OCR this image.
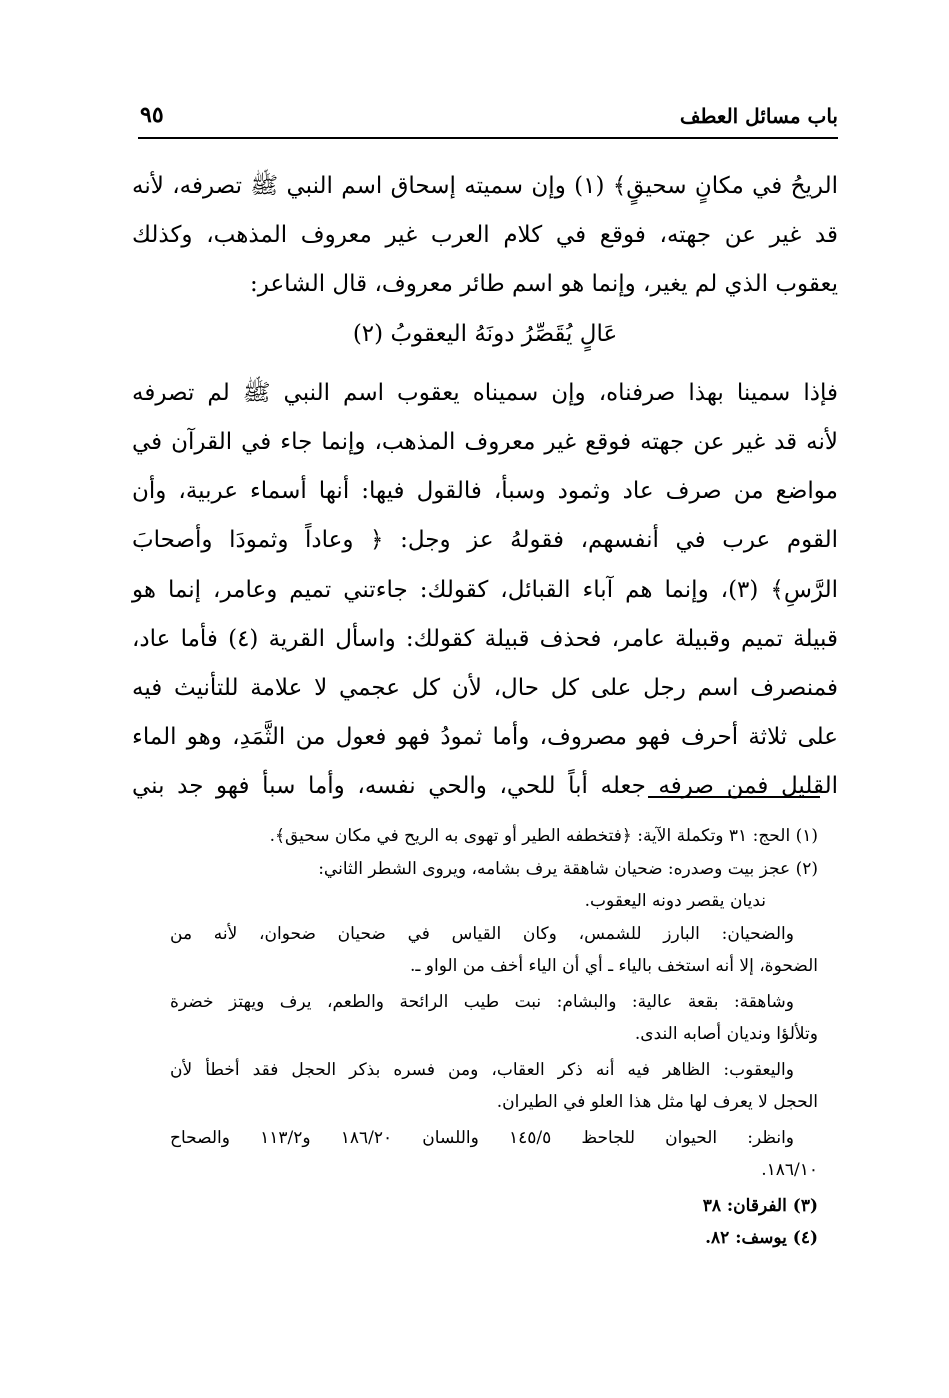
باب مسائل العطف
٩٥
الريحُ في مكانٍ سحيقٍ﴾ (١) وإن سميته إسحاق اسم النبي ﷺ تصرفه، لأنه
قد غير عن جهته، فوقع في كلام العرب غير معروف المذهب، وكذلك
يعقوب الذي لم يغير، وإنما هو اسم طائر معروف، قال الشاعر:
عَالٍ يُقَصِّرُ دونَهُ اليعقوبُ (٢)
فإذا سمينا بهذا صرفناه، وإن سميناه يعقوب اسم النبي ﷺ لم تصرفه
لأنه قد غير عن جهته فوقع غير معروف المذهب، وإنما جاء في القرآن في
مواضع من صرف عاد وثمود وسبأ، فالقول فيها: أنها أسماء عربية، وأن
القوم عرب في أنفسهم، فقولهُ عز وجل: ﴿ وعاداً وثمودَا وأصحابَ
الرَّسِ﴾ (٣)، وإنما هم آباء القبائل، كقولك: جاءتني تميم وعامر، إنما هو
قبيلة تميم وقبيلة عامر، فحذف قبيلة كقولك: واسأل القرية (٤) فأما عاد،
فمنصرف اسم رجل على كل حال، لأن كل عجمي لا علامة للتأنيث فيه
على ثلاثة أحرف فهو مصروف، وأما ثمودُ فهو فعول من الثَّمَدِ، وهو الماء
القليل فمن صرفه جعله أباً للحي، والحي نفسه، وأما سبأ فهو جد بني
(١) الحج: ٣١ وتكملة الآية: ﴿فتخطفه الطير أو تهوى به الريح في مكان سحيق﴾.
(٢) عجز بيت وصدره: ضحيان شاهقة يرف بشامه، ويروى الشطر الثاني:
نديان يقصر دونه اليعقوب.
والضحيان: البارز للشمس، وكان القياس في ضحيان ضحوان، لأنه من
الضحوة، إلا أنه استخف بالياء ـ أي أن الياء أخف من الواو ـ.
وشاهقة: بقعة عالية: والبشام: نبت طيب الرائحة والطعم، يرف ويهتز خضرة
وتلألؤا ونديان أصابه الندى.
واليعقوب: الظاهر فيه أنه ذكر العقاب، ومن فسره بذكر الحجل فقد أخطأ لأن
الحجل لا يعرف لها مثل هذا العلو في الطيران.
وانظر: الحيوان للجاحظ ١٤٥/٥ واللسان ١٨٦/٢٠ و١١٣/٢ والصحاح
١٨٦/١٠.
(٣) الفرقان: ٣٨
(٤) يوسف: ٨٢.
